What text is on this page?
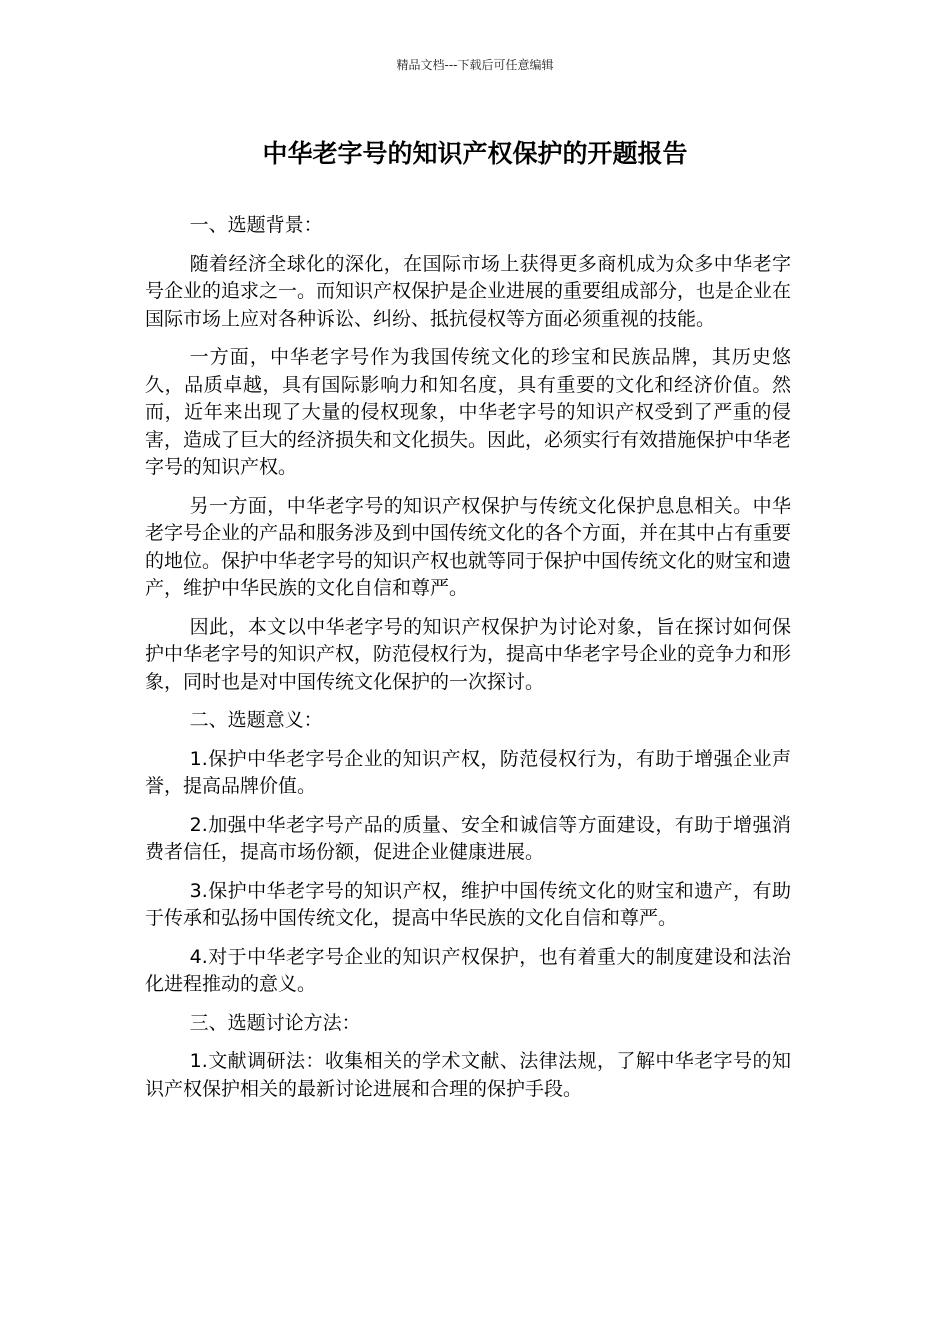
精品文档---下载后可任意编辑
中华老字号的知识产权保护的开题报告

一、选题背景：

随着经济全球化的深化，在国际市场上获得更多商机成为众多中华老字号企业的追求之一。而知识产权保护是企业进展的重要组成部分，也是企业在国际市场上应对各种诉讼、纠纷、抵抗侵权等方面必须重视的技能。

一方面，中华老字号作为我国传统文化的珍宝和民族品牌，其历史悠久，品质卓越，具有国际影响力和知名度，具有重要的文化和经济价值。然而，近年来出现了大量的侵权现象，中华老字号的知识产权受到了严重的侵害，造成了巨大的经济损失和文化损失。因此，必须实行有效措施保护中华老字号的知识产权。

另一方面，中华老字号的知识产权保护与传统文化保护息息相关。中华老字号企业的产品和服务涉及到中国传统文化的各个方面，并在其中占有重要的地位。保护中华老字号的知识产权也就等同于保护中国传统文化的财宝和遗产，维护中华民族的文化自信和尊严。

因此，本文以中华老字号的知识产权保护为讨论对象，旨在探讨如何保护中华老字号的知识产权，防范侵权行为，提高中华老字号企业的竞争力和形象，同时也是对中国传统文化保护的一次探讨。

二、选题意义：

1.保护中华老字号企业的知识产权，防范侵权行为，有助于增强企业声誉，提高品牌价值。

2.加强中华老字号产品的质量、安全和诚信等方面建设，有助于增强消费者信任，提高市场份额，促进企业健康进展。

3.保护中华老字号的知识产权，维护中国传统文化的财宝和遗产，有助于传承和弘扬中国传统文化，提高中华民族的文化自信和尊严。

4.对于中华老字号企业的知识产权保护，也有着重大的制度建设和法治化进程推动的意义。

三、选题讨论方法：

1.文献调研法：收集相关的学术文献、法律法规，了解中华老字号的知识产权保护相关的最新讨论进展和合理的保护手段。
